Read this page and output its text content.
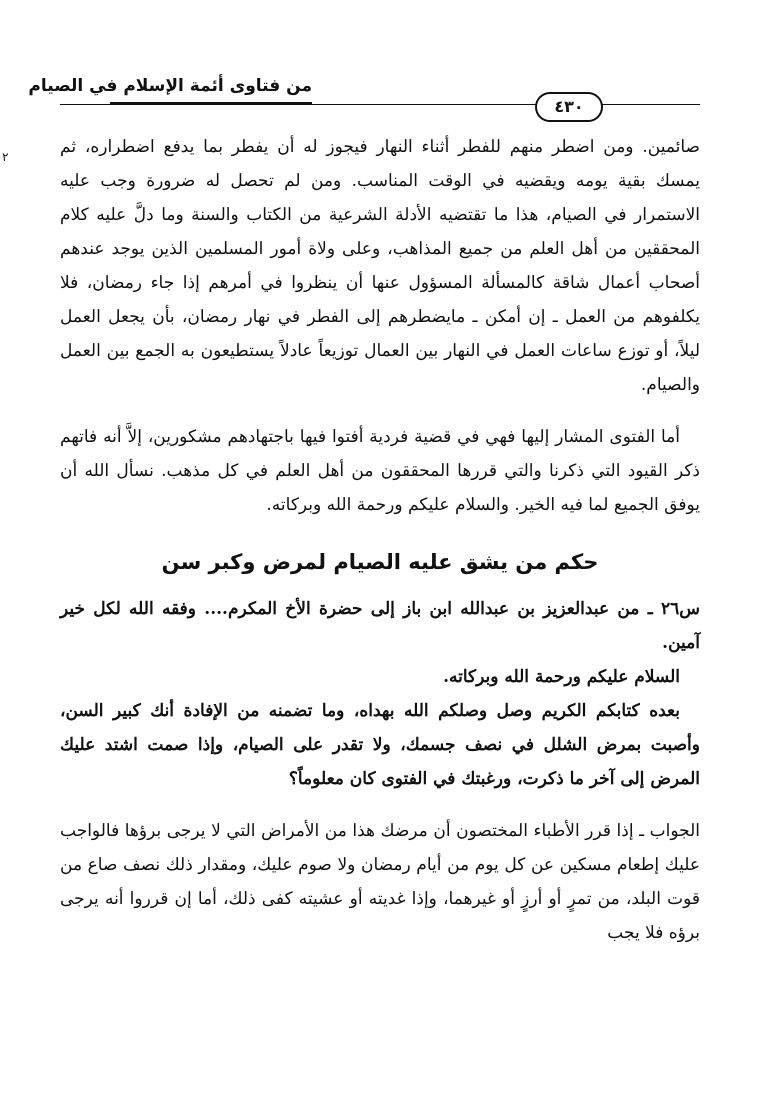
من فتاوى أئمة الإسلام في الصيام
٤٣٠
٢	صائمين. ومن اضطر منهم للفطر أثناء النهار فيجوز له أن يفطر بما يدفع اضطراره، ثم يمسك بقية يومه ويقضيه في الوقت المناسب. ومن لم تحصل له ضرورة وجب عليه الاستمرار في الصيام، هذا ما تقتضيه الأدلة الشرعية من الكتاب والسنة وما دلَّ عليه كلام المحققين من أهل العلم من جميع المذاهب، وعلى ولاة أمور المسلمين الذين يوجد عندهم أصحاب أعمال شاقة كالمسألة المسؤول عنها أن ينظروا في أمرهم إذا جاء رمضان، فلا يكلفوهم من العمل ـ إن أمكن ـ مايضطرهم إلى الفطر في نهار رمضان، بأن يجعل العمل ليلاً، أو توزع ساعات العمل في النهار بين العمال توزيعاً عادلاً يستطيعون به الجمع بين العمل والصيام.

أما الفتوى المشار إليها فهي في قضية فردية أفتوا فيها باجتهادهم مشكورين، إلاَّ أنه فاتهم ذكر القيود التي ذكرنا والتي قررها المحققون من أهل العلم في كل مذهب. نسأل الله أن يوفق الجميع لما فيه الخير. والسلام عليكم ورحمة الله وبركاته.

حكم من يشق عليه الصيام لمرض وكبر سن

س٢٦ ـ من عبدالعزيز بن عبدالله ابن باز إلى حضرة الأخ المكرم.... وفقه الله لكل خير آمين.

السلام عليكم ورحمة الله وبركاته.

بعده كتابكم الكريم وصل وصلكم الله بهداه، وما تضمنه من الإفادة أنك كبير السن، وأصبت بمرض الشلل في نصف جسمك، ولا تقدر على الصيام، وإذا صمت اشتد عليك المرض إلى آخر ما ذكرت، ورغبتك في الفتوى كان معلوماً؟

الجواب ـ إذا قرر الأطباء المختصون أن مرضك هذا من الأمراض التي لا يرجى برؤها فالواجب عليك إطعام مسكين عن كل يوم من أيام رمضان ولا صوم عليك، ومقدار ذلك نصف صاع من قوت البلد، من تمرٍ أو أرزٍ أو غيرهما، وإذا غديته أو عشيته كفى ذلك، أما إن قرروا أنه يرجى برؤه فلا يجب
